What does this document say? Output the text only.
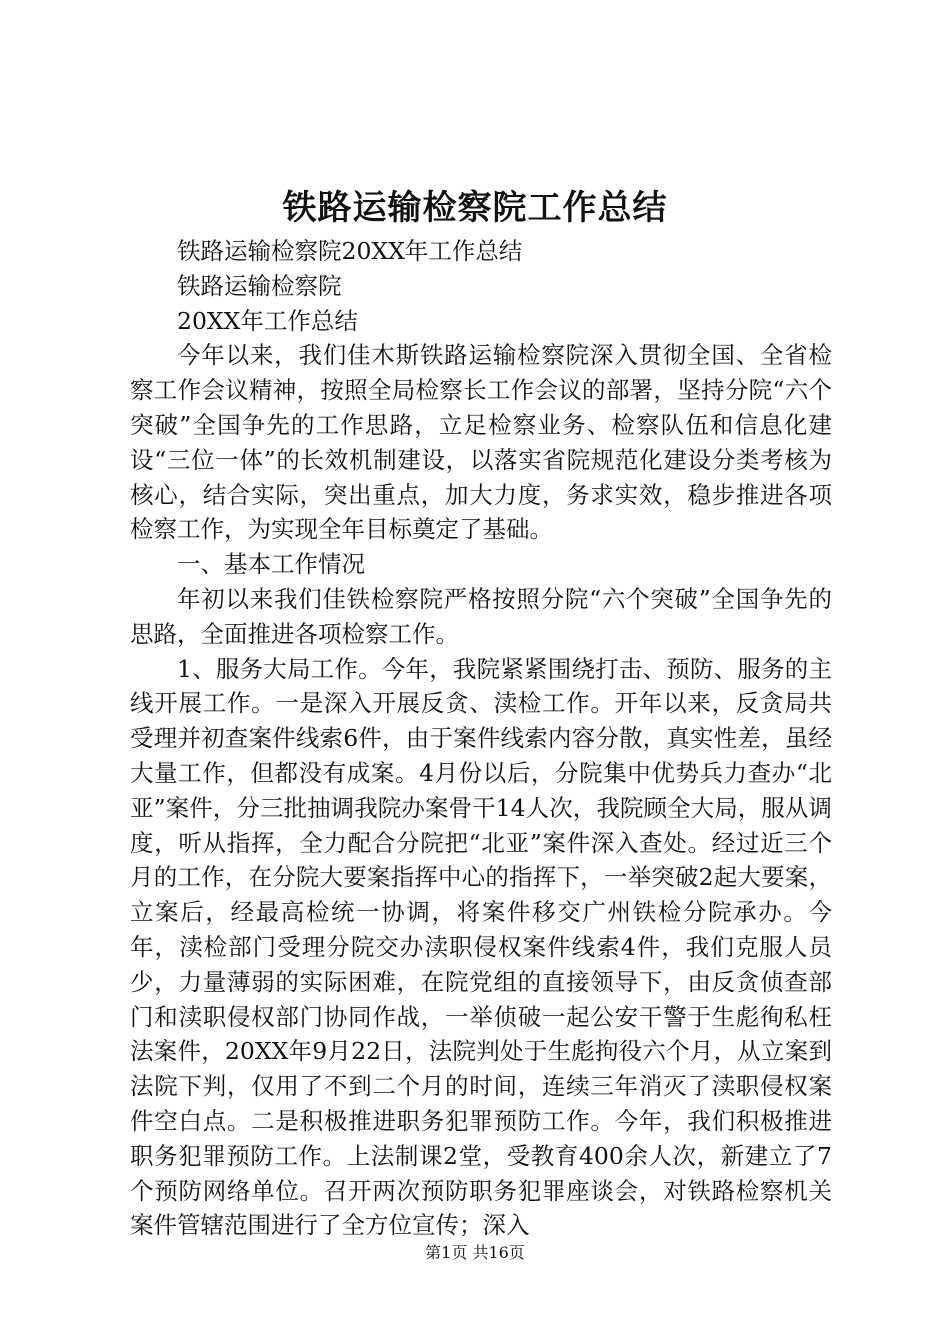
铁路运输检察院工作总结

铁路运输检察院20XX年工作总结

铁路运输检察院

20XX年工作总结

今年以来，我们佳木斯铁路运输检察院深入贯彻全国、全省检察工作会议精神，按照全局检察长工作会议的部署，坚持分院“六个突破”全国争先的工作思路，立足检察业务、检察队伍和信息化建设“三位一体”的长效机制建设，以落实省院规范化建设分类考核为核心，结合实际，突出重点，加大力度，务求实效，稳步推进各项检察工作，为实现全年目标奠定了基础。

一、基本工作情况

年初以来我们佳铁检察院严格按照分院“六个突破”全国争先的思路，全面推进各项检察工作。

1、服务大局工作。今年，我院紧紧围绕打击、预防、服务的主线开展工作。一是深入开展反贪、渎检工作。开年以来，反贪局共受理并初查案件线索6件，由于案件线索内容分散，真实性差，虽经大量工作，但都没有成案。4月份以后，分院集中优势兵力查办“北亚”案件，分三批抽调我院办案骨干14人次，我院顾全大局，服从调度，听从指挥，全力配合分院把“北亚”案件深入查处。经过近三个月的工作，在分院大要案指挥中心的指挥下，一举突破2起大要案，立案后，经最高检统一协调，将案件移交广州铁检分院承办。今年，渎检部门受理分院交办渎职侵权案件线索4件，我们克服人员少，力量薄弱的实际困难，在院党组的直接领导下，由反贪侦查部门和渎职侵权部门协同作战，一举侦破一起公安干警于生彪徇私枉法案件，20XX年9月22日，法院判处于生彪拘役六个月，从立案到法院下判，仅用了不到二个月的时间，连续三年消灭了渎职侵权案件空白点。二是积极推进职务犯罪预防工作。今年，我们积极推进职务犯罪预防工作。上法制课2堂，受教育400余人次，新建立了7个预防网络单位。召开两次预防职务犯罪座谈会，对铁路检察机关案件管辖范围进行了全方位宣传；深入

第1页 共16页
